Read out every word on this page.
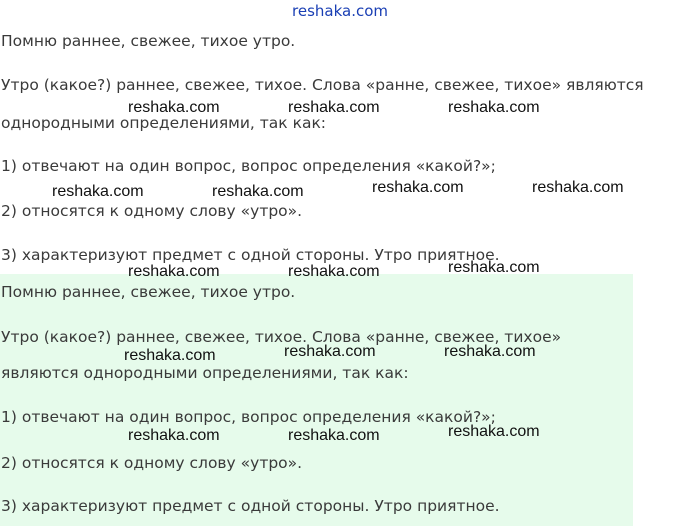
reshaka.com
Помню раннее, свежее, тихое утро.
Утро (какое?) раннее, свежее, тихое. Слова «ранне, свежее, тихое» являются
однородными определениями, так как:
1) отвечают на один вопрос, вопрос определения «какой?»;
2) относятся к одному слову «утро».
3) характеризуют предмет с одной стороны. Утро приятное.
Помню раннее, свежее, тихое утро.
Утро (какое?) раннее, свежее, тихое. Слова «ранне, свежее, тихое»
являются однородными определениями, так как:
1) отвечают на один вопрос, вопрос определения «какой?»;
2) относятся к одному слову «утро».
3) характеризуют предмет с одной стороны. Утро приятное.
reshaka.com	reshaka.com	reshaka.com
reshaka.com	reshaka.com	reshaka.com	reshaka.com
reshaka.com	reshaka.com	reshaka.com
reshaka.com	reshaka.com	reshaka.com
reshaka.com	reshaka.com	reshaka.com
